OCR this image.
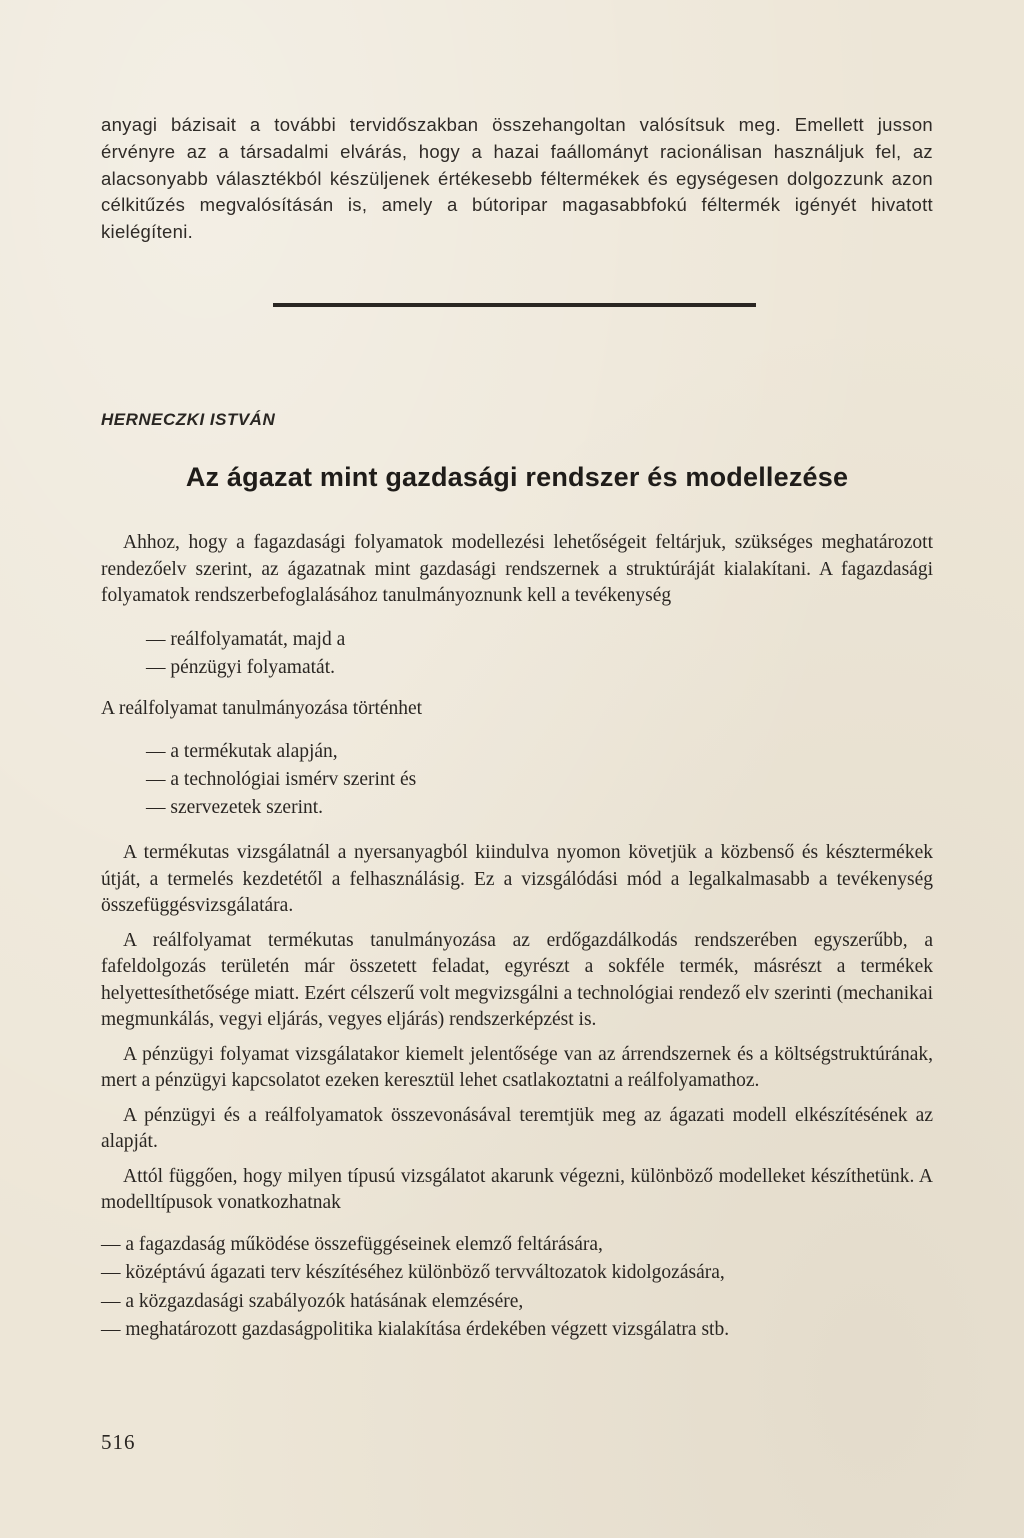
anyagi bázisait a további tervidőszakban összehangoltan valósítsuk meg. Emellett jusson érvényre az a társadalmi elvárás, hogy a hazai faállományt racionálisan használjuk fel, az alacsonyabb választékból készüljenek értékesebb féltermékek és egységesen dolgozzunk azon célkitűzés megvalósításán is, amely a bútoripar magasabbfokú féltermék igényét hivatott kielégíteni.

HERNECZKI ISTVÁN
Az ágazat mint gazdasági rendszer és modellezése

Ahhoz, hogy a fagazdasági folyamatok modellezési lehetőségeit feltárjuk, szükséges meghatározott rendezőelv szerint, az ágazatnak mint gazdasági rendszernek a struktúráját kialakítani. A fagazdasági folyamatok rendszerbefoglalásához tanulmányoznunk kell a tevékenység

— reálfolyamatát, majd a
— pénzügyi folyamatát.

A reálfolyamat tanulmányozása történhet

— a termékutak alapján,
— a technológiai ismérv szerint és
— szervezetek szerint.

A termékutas vizsgálatnál a nyersanyagból kiindulva nyomon követjük a közbenső és késztermékek útját, a termelés kezdetétől a felhasználásig. Ez a vizsgálódási mód a legalkalmasabb a tevékenység összefüggésvizsgálatára.

A reálfolyamat termékutas tanulmányozása az erdőgazdálkodás rendszerében egyszerűbb, a fafeldolgozás területén már összetett feladat, egyrészt a sokféle termék, másrészt a termékek helyettesíthetősége miatt. Ezért célszerű volt megvizsgálni a technológiai rendező elv szerinti (mechanikai megmunkálás, vegyi eljárás, vegyes eljárás) rendszerképzést is.

A pénzügyi folyamat vizsgálatakor kiemelt jelentősége van az árrendszernek és a költségstruktúrának, mert a pénzügyi kapcsolatot ezeken keresztül lehet csatlakoztatni a reálfolyamathoz.

A pénzügyi és a reálfolyamatok összevonásával teremtjük meg az ágazati modell elkészítésének az alapját.

Attól függően, hogy milyen típusú vizsgálatot akarunk végezni, különböző modelleket készíthetünk. A modelltípusok vonatkozhatnak

— a fagazdaság működése összefüggéseinek elemző feltárására,
— középtávú ágazati terv készítéséhez különböző tervváltozatok kidolgozására,
— a közgazdasági szabályozók hatásának elemzésére,
— meghatározott gazdaságpolitika kialakítása érdekében végzett vizsgálatra stb.
516
